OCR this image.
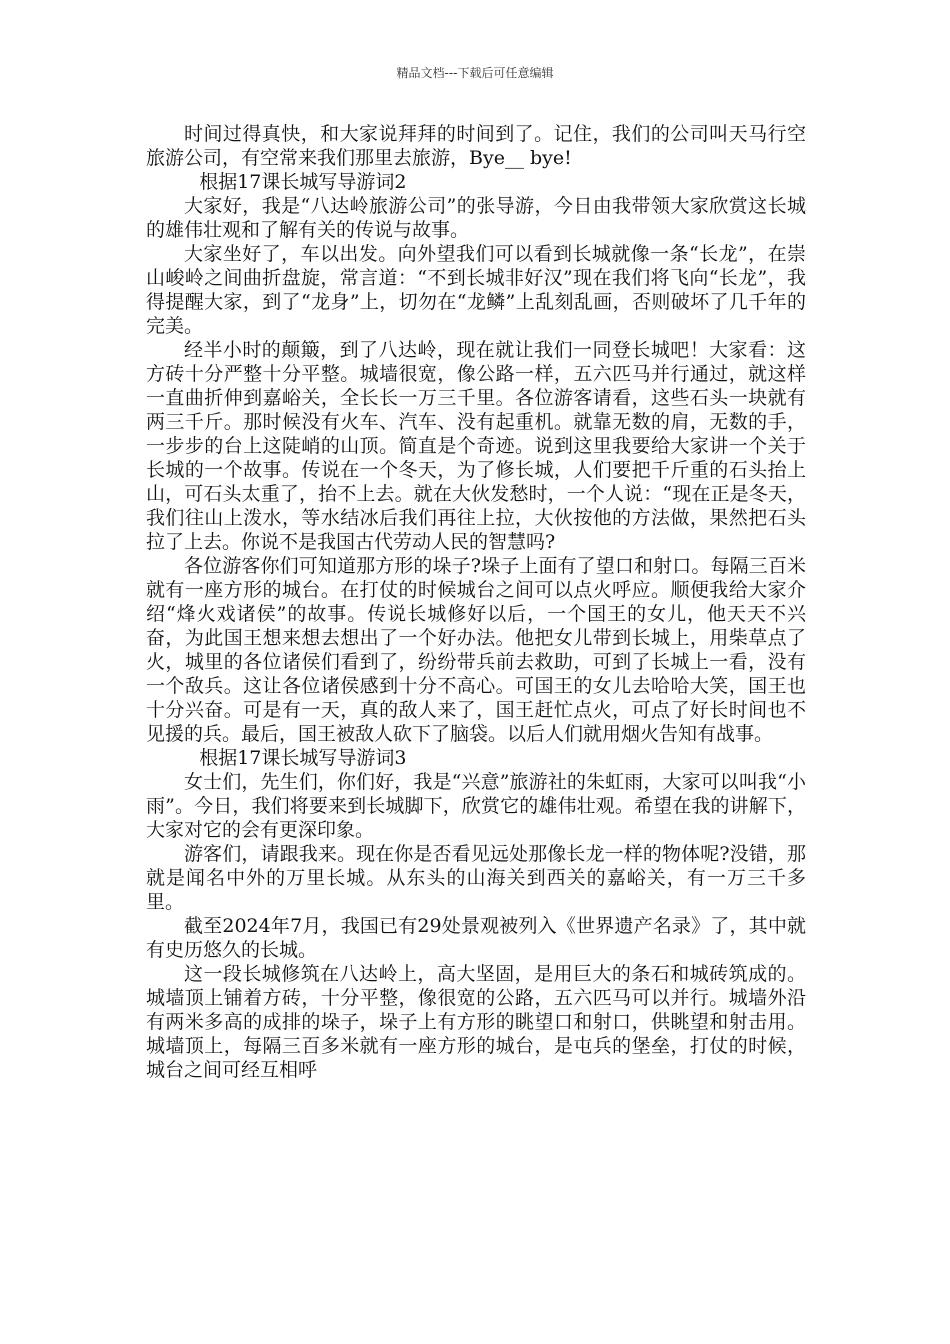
精品文档---下载后可任意编辑

时间过得真快，和大家说拜拜的时间到了。记住，我们的公司叫天马行空旅游公司，有空常来我们那里去旅游，Bye__ bye!

根据17课长城写导游词2

大家好，我是“八达岭旅游公司”的张导游，今日由我带领大家欣赏这长城的雄伟壮观和了解有关的传说与故事。

大家坐好了，车以出发。向外望我们可以看到长城就像一条“长龙”，在崇山峻岭之间曲折盘旋，常言道：“不到长城非好汉”现在我们将飞向“长龙”，我得提醒大家，到了“龙身”上，切勿在“龙鳞”上乱刻乱画，否则破坏了几千年的完美。

经半小时的颠簸，到了八达岭，现在就让我们一同登长城吧！大家看：这方砖十分严整十分平整。城墙很宽，像公路一样，五六匹马并行通过，就这样一直曲折伸到嘉峪关，全长长一万三千里。各位游客请看，这些石头一块就有两三千斤。那时候没有火车、汽车、没有起重机。就靠无数的肩，无数的手，一步步的台上这陡峭的山顶。简直是个奇迹。说到这里我要给大家讲一个关于长城的一个故事。传说在一个冬天，为了修长城，人们要把千斤重的石头抬上山，可石头太重了，抬不上去。就在大伙发愁时，一个人说：“现在正是冬天，我们往山上泼水，等水结冰后我们再往上拉，大伙按他的方法做，果然把石头拉了上去。你说不是我国古代劳动人民的智慧吗?

各位游客你们可知道那方形的垛子?垛子上面有了望口和射口。每隔三百米就有一座方形的城台。在打仗的时候城台之间可以点火呼应。顺便我给大家介绍“烽火戏诸侯”的故事。传说长城修好以后，一个国王的女儿，他天天不兴奋，为此国王想来想去想出了一个好办法。他把女儿带到长城上，用柴草点了火，城里的各位诸侯们看到了，纷纷带兵前去救助，可到了长城上一看，没有一个敌兵。这让各位诸侯感到十分不高心。可国王的女儿去哈哈大笑，国王也十分兴奋。可是有一天，真的敌人来了，国王赶忙点火，可点了好长时间也不见援的兵。最后，国王被敌人砍下了脑袋。以后人们就用烟火告知有战事。

根据17课长城写导游词3

女士们，先生们，你们好，我是“兴意”旅游社的朱虹雨，大家可以叫我“小雨”。今日，我们将要来到长城脚下，欣赏它的雄伟壮观。希望在我的讲解下，大家对它的会有更深印象。

游客们，请跟我来。现在你是否看见远处那像长龙一样的物体呢?没错，那就是闻名中外的万里长城。从东头的山海关到西关的嘉峪关，有一万三千多里。

截至2024年7月，我国已有29处景观被列入《世界遗产名录》了，其中就有史历悠久的长城。

这一段长城修筑在八达岭上，高大坚固，是用巨大的条石和城砖筑成的。城墙顶上铺着方砖，十分平整，像很宽的公路，五六匹马可以并行。城墙外沿有两米多高的成排的垛子，垛子上有方形的眺望口和射口，供眺望和射击用。城墙顶上，每隔三百多米就有一座方形的城台，是屯兵的堡垒，打仗的时候，城台之间可经互相呼
